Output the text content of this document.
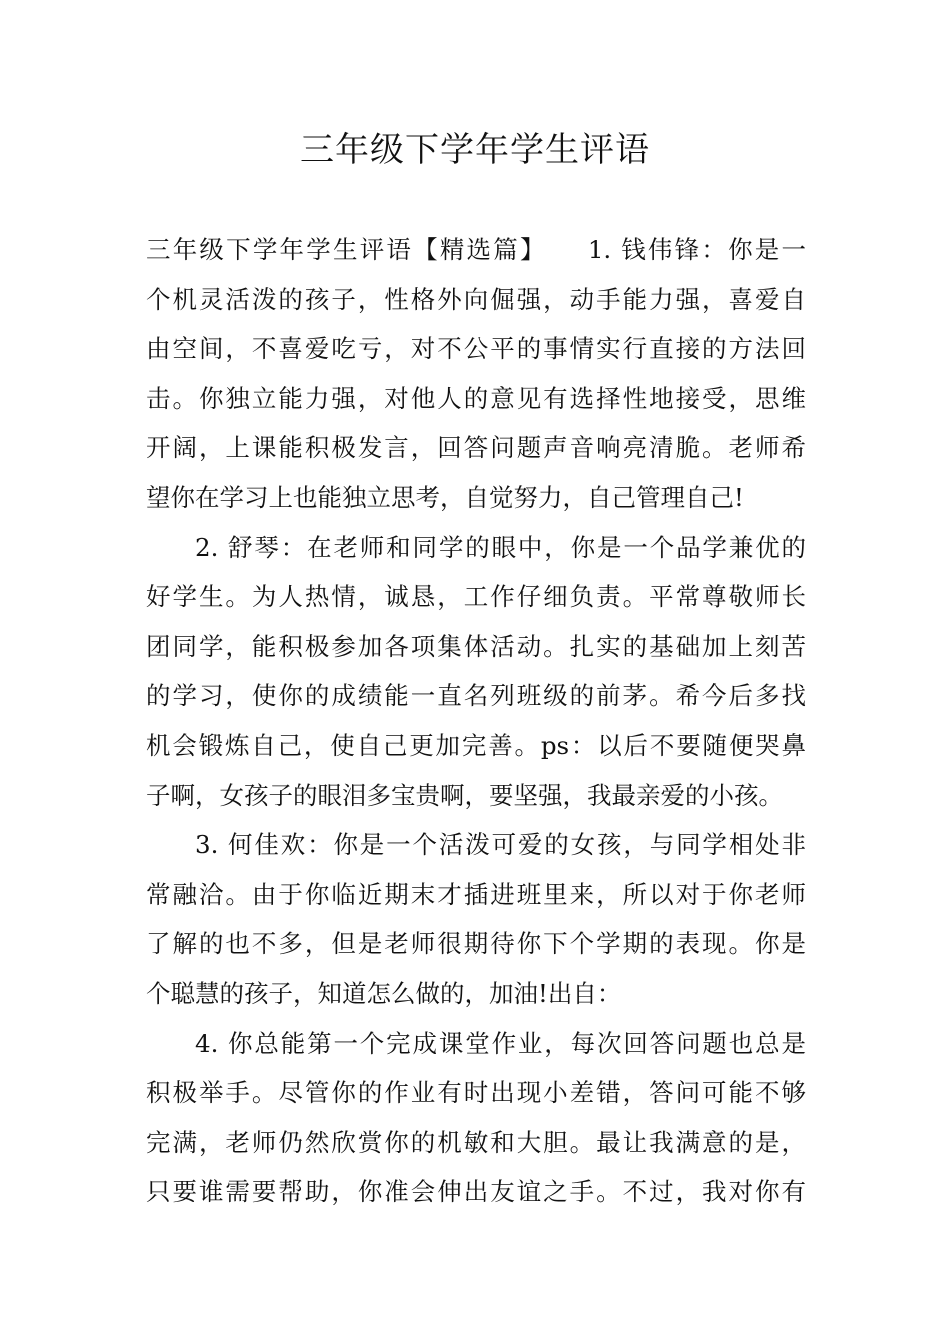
三年级下学年学生评语
三年级下学年学生评语【精选篇】　　1. 钱伟锋：你是一
个机灵活泼的孩子，性格外向倔强，动手能力强，喜爱自
由空间，不喜爱吃亏，对不公平的事情实行直接的方法回
击。你独立能力强，对他人的意见有选择性地接受，思维
开阔，上课能积极发言，回答问题声音响亮清脆。老师希
望你在学习上也能独立思考，自觉努力，自己管理自己!
2. 舒琴：在老师和同学的眼中，你是一个品学兼优的
好学生。为人热情，诚恳，工作仔细负责。平常尊敬师长
团同学，能积极参加各项集体活动。扎实的基础加上刻苦
的学习，使你的成绩能一直名列班级的前茅。希今后多找
机会锻炼自己，使自己更加完善。ps：以后不要随便哭鼻
子啊，女孩子的眼泪多宝贵啊，要坚强，我最亲爱的小孩。
3. 何佳欢：你是一个活泼可爱的女孩，与同学相处非
常融洽。由于你临近期末才插进班里来，所以对于你老师
了解的也不多，但是老师很期待你下个学期的表现。你是
个聪慧的孩子，知道怎么做的，加油!出自：
4. 你总能第一个完成课堂作业，每次回答问题也总是
积极举手。尽管你的作业有时出现小差错，答问可能不够
完满，老师仍然欣赏你的机敏和大胆。最让我满意的是，
只要谁需要帮助，你准会伸出友谊之手。不过，我对你有
